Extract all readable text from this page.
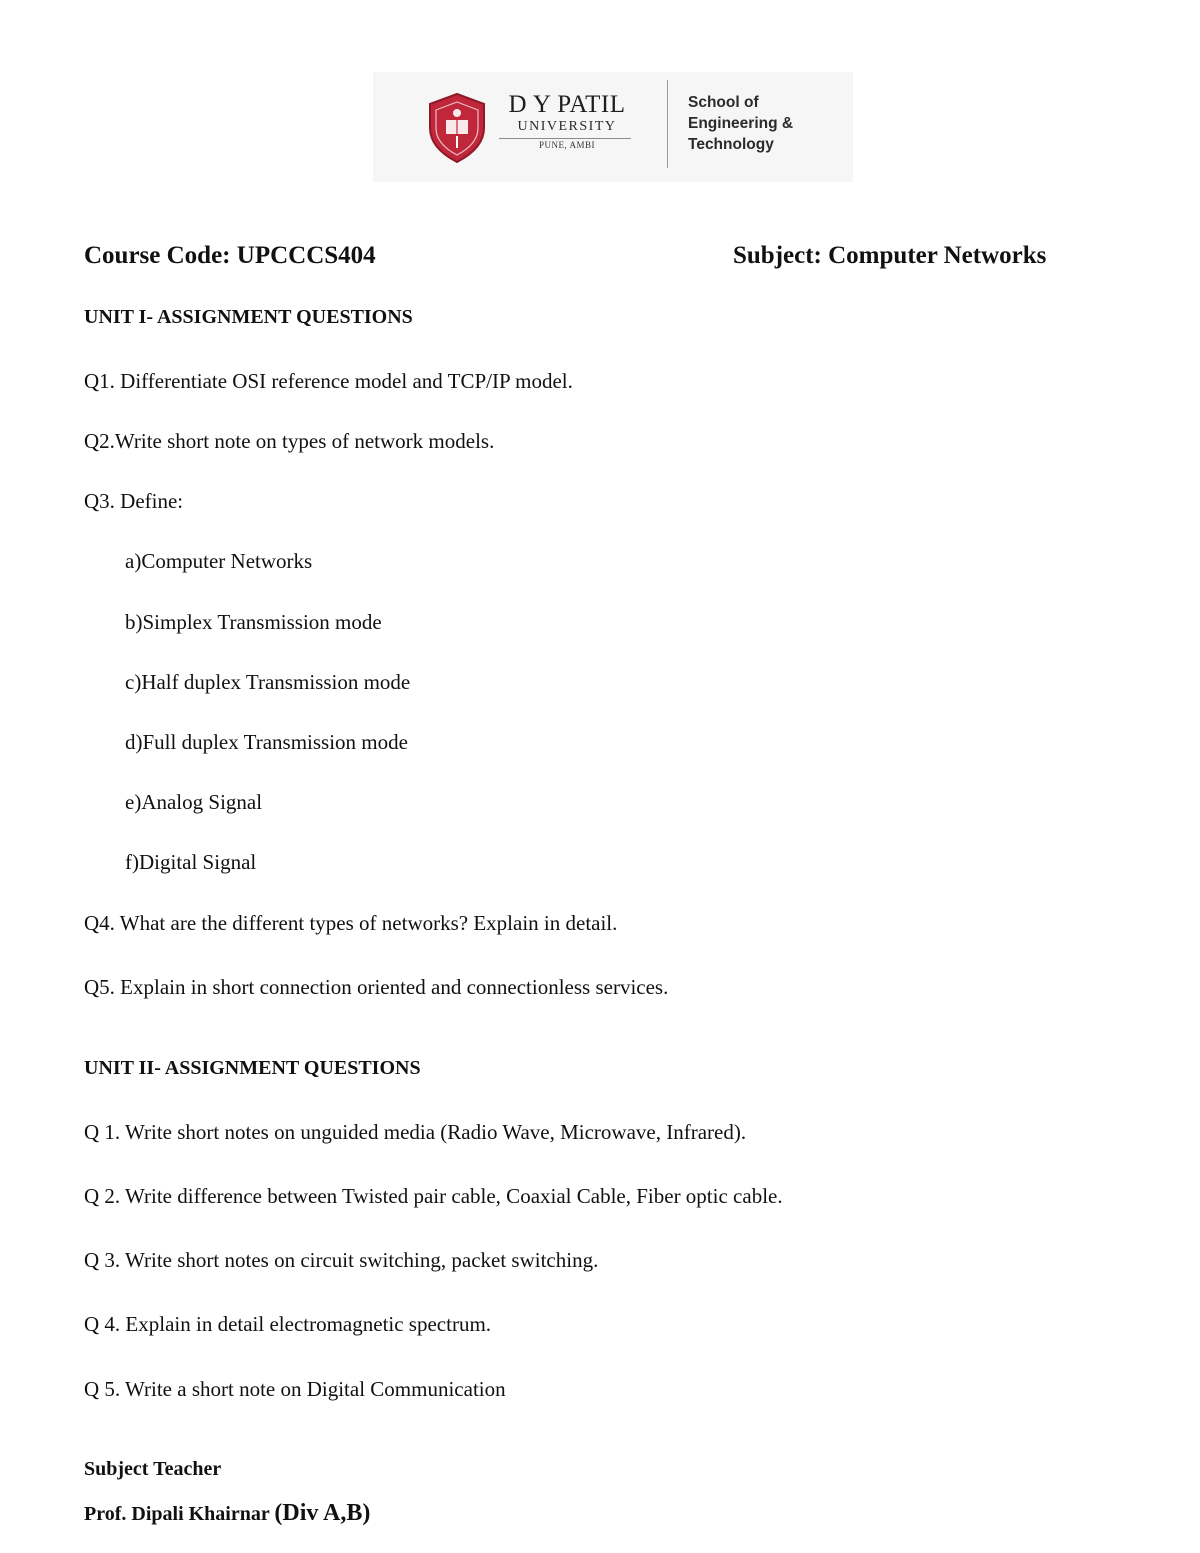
D Y PATIL
UNIVERSITY
PUNE, AMBI
School of
Engineering &
Technology
Course Code: UPCCCS404	Subject: Computer Networks
UNIT I- ASSIGNMENT QUESTIONS
Q1. Differentiate OSI reference model and TCP/IP model.
Q2.Write short note on types of network models.
Q3. Define:
a)Computer Networks
b)Simplex Transmission mode
c)Half duplex Transmission mode
d)Full duplex Transmission mode
e)Analog Signal
f)Digital Signal
Q4. What are the different types of networks? Explain in detail.
Q5. Explain in short connection oriented and connectionless services.
UNIT II- ASSIGNMENT QUESTIONS
Q 1. Write short notes on unguided media (Radio Wave, Microwave, Infrared).
Q 2. Write difference between Twisted pair cable, Coaxial Cable, Fiber optic cable.
Q 3. Write short notes on circuit switching, packet switching.
Q 4. Explain in detail electromagnetic spectrum.
Q 5. Write a short note on Digital Communication
Subject Teacher
Prof. Dipali Khairnar (Div A,B)
